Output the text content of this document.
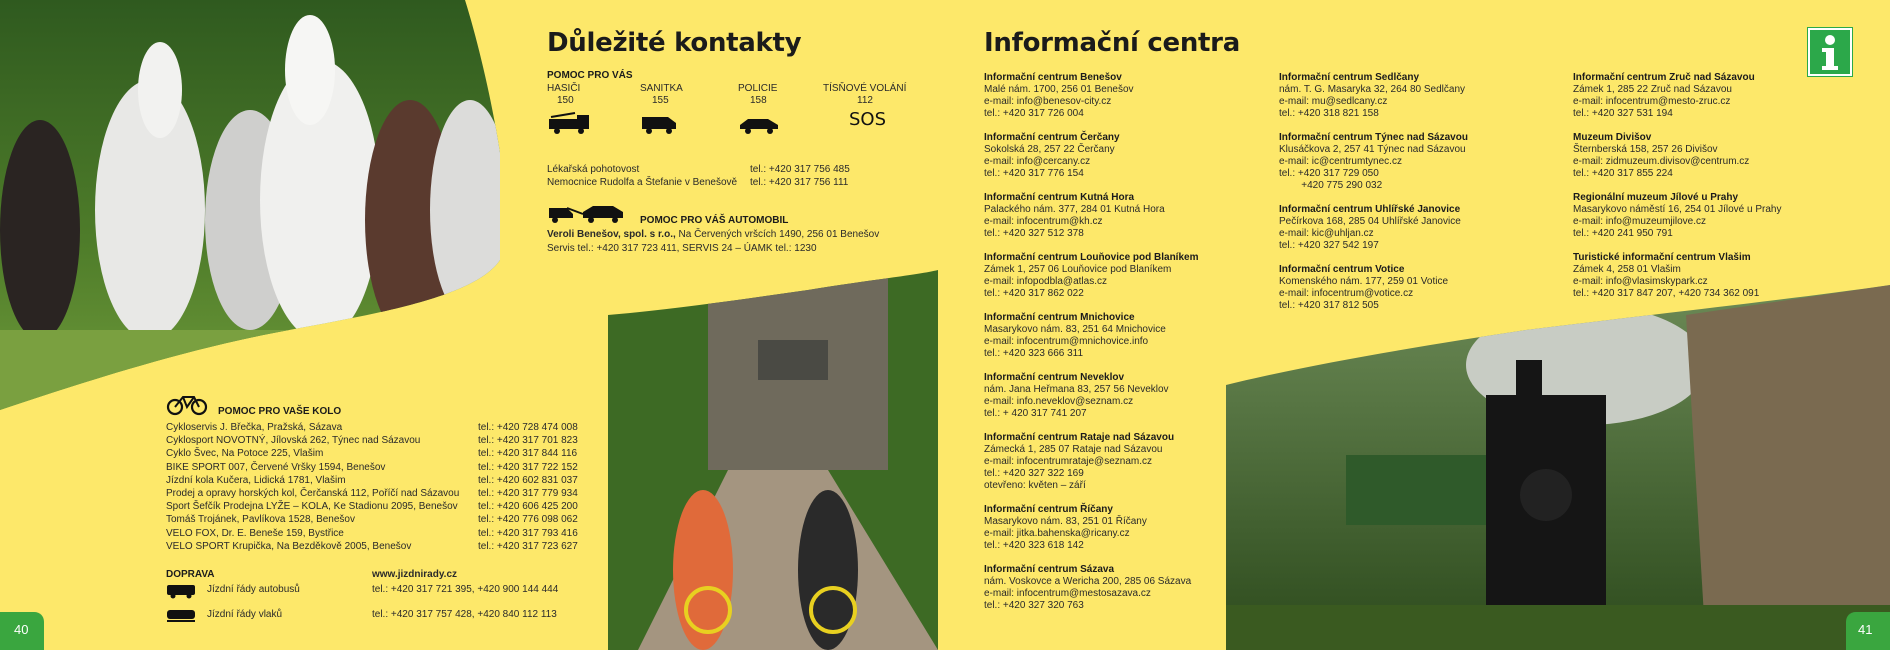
Důležité kontakty
POMOC PRO VÁS
HASIČI
150
SANITKA
155
POLICIE
158
TÍSŇOVÉ VOLÁNÍ
112
SOS
Lékařská pohotovost	tel.: +420 317 756 485
Nemocnice Rudolfa a Štefanie v Benešově tel.: +420 317 756 111
POMOC PRO VÁŠ AUTOMOBIL
Veroli Benešov, spol. s r.o., Na Červených vršcích 1490, 256 01 Benešov
Servis tel.: +420 317 723 411, SERVIS 24 – ÚAMK tel.: 1230
POMOC PRO VAŠE KOLO
Cykloservis J. Břečka, Pražská, Sázava	tel.: +420 728 474 008
Cyklosport NOVOTNÝ, Jílovská 262, Týnec nad Sázavou	tel.: +420 317 701 823
Cyklo Švec, Na Potoce 225, Vlašim	tel.: +420 317 844 116
BIKE SPORT 007, Červené Vršky 1594, Benešov	tel.: +420 317 722 152
Jízdní kola Kučera, Lidická 1781, Vlašim	tel.: +420 602 831 037
Prodej a opravy horských kol, Čerčanská 112, Poříčí nad Sázavou tel.: +420 317 779 934
Sport Šefčík Prodejna LYŽE – KOLA, Ke Stadionu 2095, Benešov tel.: +420 606 425 200
Tomáš Trojánek, Pavlíkova 1528, Benešov	tel.: +420 776 098 062
VELO FOX, Dr. E. Beneše 159, Bystřice	tel.: +420 317 793 416
VELO SPORT Krupička, Na Bezděkově 2005, Benešov	tel.: +420 317 723 627
DOPRAVA	www.jizdnirady.cz
Jízdní řády autobusů	tel.: +420 317 721 395, +420 900 144 444
Jízdní řády vlaků	tel.: +420 317 757 428, +420 840 112 113
40	41
Informační centra
Informační centrum Benešov
Malé nám. 1700, 256 01 Benešov
e-mail: info@benesov-city.cz
tel.: +420 317 726 004
Informační centrum Čerčany
Sokolská 28, 257 22 Čerčany
e-mail: info@cercany.cz
tel.: +420 317 776 154
Informační centrum Kutná Hora
Palackého nám. 377, 284 01 Kutná Hora
e-mail: infocentrum@kh.cz
tel.: +420 327 512 378
Informační centrum Louňovice pod Blaníkem
Zámek 1, 257 06 Louňovice pod Blaníkem
e-mail: infopodbla@atlas.cz
tel.: +420 317 862 022
Informační centrum Mnichovice
Masarykovo nám. 83, 251 64 Mnichovice
e-mail: infocentrum@mnichovice.info
tel.: +420 323 666 311
Informační centrum Neveklov
nám. Jana Heřmana 83, 257 56 Neveklov
e-mail: info.neveklov@seznam.cz
tel.: + 420 317 741 207
Informační centrum Rataje nad Sázavou
Zámecká 1, 285 07 Rataje nad Sázavou
e-mail: infocentrumrataje@seznam.cz
tel.: +420 327 322 169
otevřeno: květen – září
Informační centrum Říčany
Masarykovo nám. 83, 251 01 Říčany
e-mail: jitka.bahenska@ricany.cz
tel.: +420 323 618 142
Informační centrum Sázava
nám. Voskovce a Wericha 200, 285 06 Sázava
e-mail: infocentrum@mestosazava.cz
tel.: +420 327 320 763
Informační centrum Sedlčany
nám. T. G. Masaryka 32, 264 80 Sedlčany
e-mail: mu@sedlcany.cz
tel.: +420 318 821 158
Informační centrum Týnec nad Sázavou
Klusáčkova 2, 257 41 Týnec nad Sázavou
e-mail: ic@centrumtynec.cz
tel.: +420 317 729 050
+420 775 290 032
Informační centrum Uhlířské Janovice
Pečírkova 168, 285 04 Uhlířské Janovice
e-mail: kic@uhljan.cz
tel.: +420 327 542 197
Informační centrum Votice
Komenského nám. 177, 259 01 Votice
e-mail: infocentrum@votice.cz
tel.: +420 317 812 505
Informační centrum Zruč nad Sázavou
Zámek 1, 285 22 Zruč nad Sázavou
e-mail: infocentrum@mesto-zruc.cz
tel.: +420 327 531 194
Muzeum Divišov
Šternberská 158, 257 26 Divišov
e-mail: zidmuzeum.divisov@centrum.cz
tel.: +420 317 855 224
Regionální muzeum Jílové u Prahy
Masarykovo náměstí 16, 254 01 Jílové u Prahy
e-mail: info@muzeumjilove.cz
tel.: +420 241 950 791
Turistické informační centrum Vlašim
Zámek 4, 258 01 Vlašim
e-mail: info@vlasimskypark.cz
tel.: +420 317 847 207, +420 734 362 091
